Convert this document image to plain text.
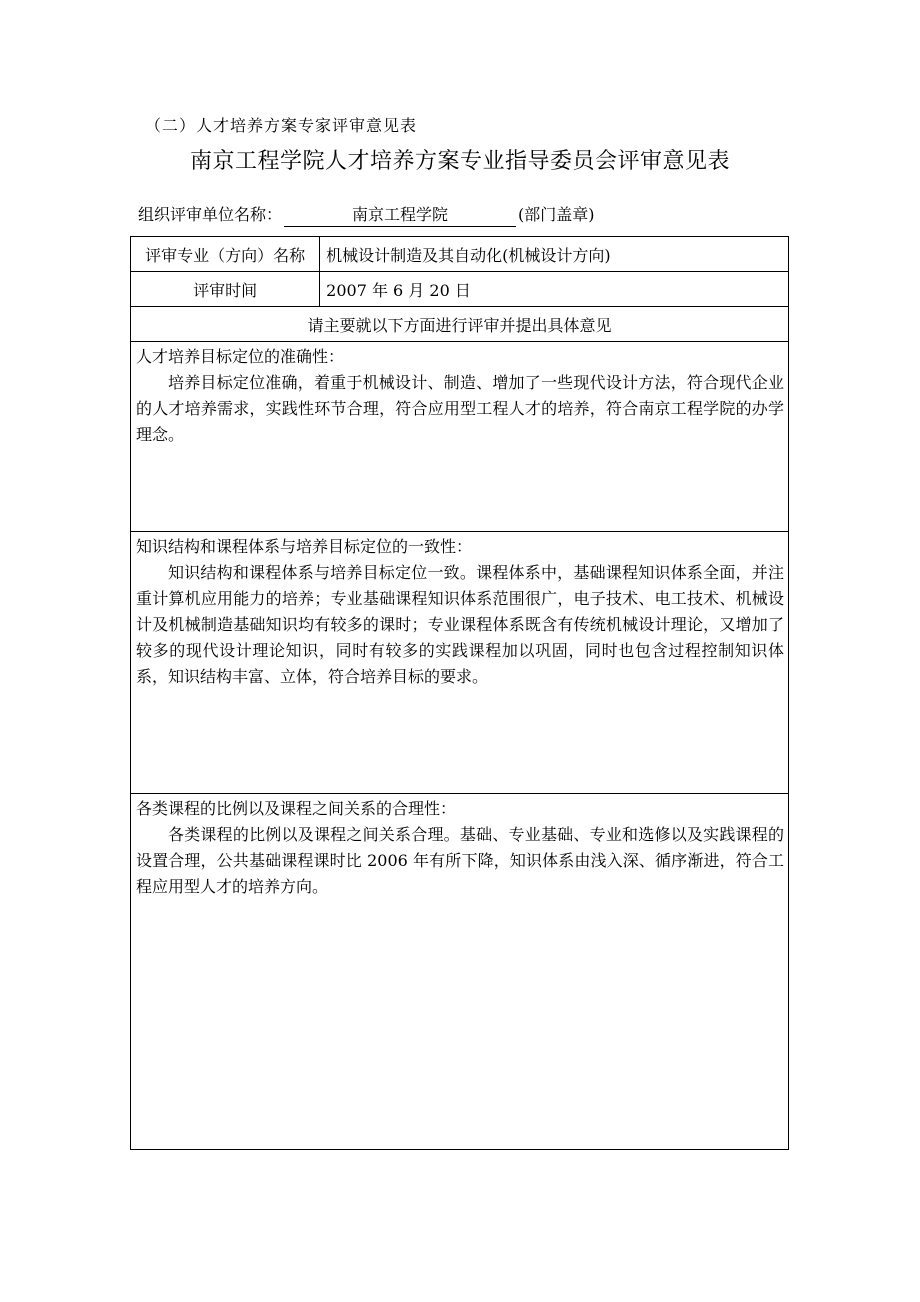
（二）人才培养方案专家评审意见表
南京工程学院人才培养方案专业指导委员会评审意见表
组织评审单位名称：	南京工程学院	(部门盖章)
评审专业（方向）名称	机械设计制造及其自动化(机械设计方向)
评审时间	2007 年 6 月 20 日
请主要就以下方面进行评审并提出具体意见	

人才培养目标定位的准确性：
培养目标定位准确，着重于机械设计、制造、增加了一些现代设计方法，符合现代企业的人才培养需求，实践性环节合理，符合应用型工程人才的培养，符合南京工程学院的办学理念。	

知识结构和课程体系与培养目标定位的一致性：
知识结构和课程体系与培养目标定位一致。课程体系中，基础课程知识体系全面，并注重计算机应用能力的培养；专业基础课程知识体系范围很广，电子技术、电工技术、机械设计及机械制造基础知识均有较多的课时；专业课程体系既含有传统机械设计理论，又增加了较多的现代设计理论知识，同时有较多的实践课程加以巩固，同时也包含过程控制知识体系，知识结构丰富、立体，符合培养目标的要求。	

各类课程的比例以及课程之间关系的合理性：
各类课程的比例以及课程之间关系合理。基础、专业基础、专业和选修以及实践课程的设置合理，公共基础课程课时比 2006 年有所下降，知识体系由浅入深、循序渐进，符合工程应用型人才的培养方向。	
